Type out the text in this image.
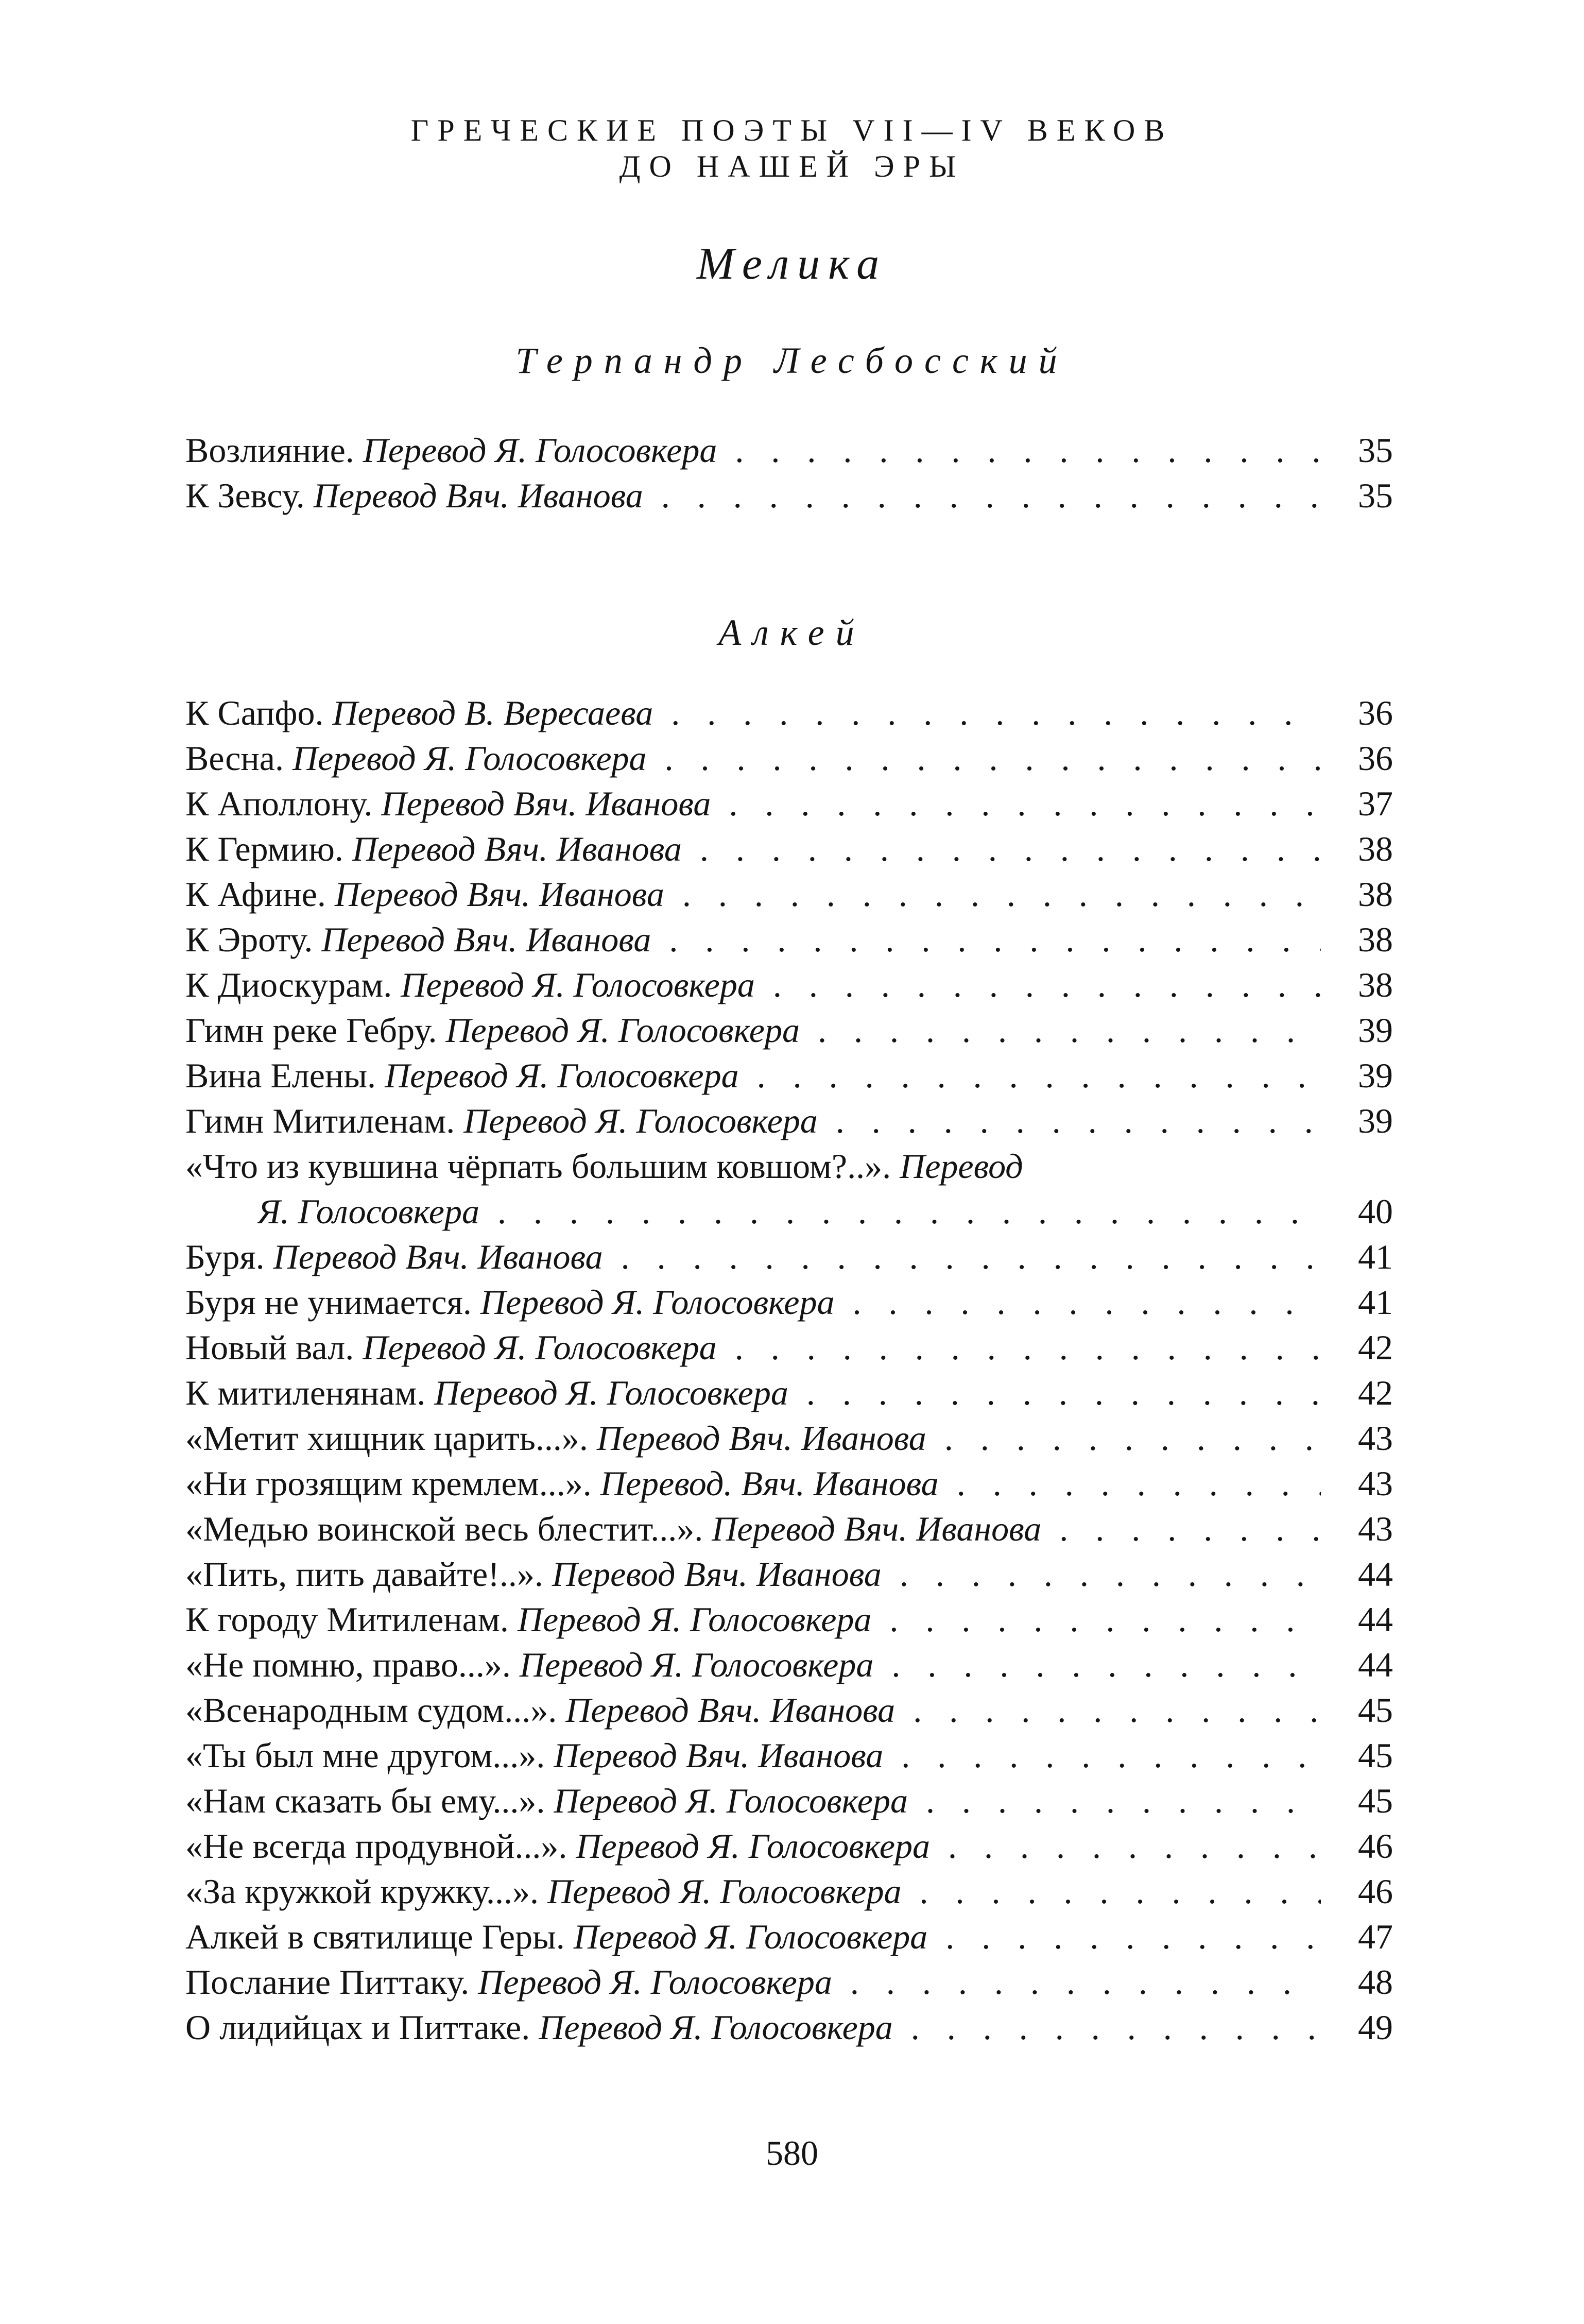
ГРЕЧЕСКИЕ ПОЭТЫ VII—IV ВЕКОВ
ДО НАШЕЙ ЭРЫ
Мелика
Терпандр Лесбосский
Возлияние. Перевод Я. Голосовкера . . .	35
К Зевсу. Перевод Вяч. Иванова . . .	35
Алкей
К Сапфо. Перевод В. Вересаева . . .	36
Весна. Перевод Я. Голосовкера . . .	36
К Аполлону. Перевод Вяч. Иванова . . .	37
К Гермию. Перевод Вяч. Иванова . . .	38
К Афине. Перевод Вяч. Иванова . . .	38
К Эроту. Перевод Вяч. Иванова . . .	38
К Диоскурам. Перевод Я. Голосовкера . . .	38
Гимн реке Гебру. Перевод Я. Голосовкера . . .	39
Вина Елены. Перевод Я. Голосовкера . . .	39
Гимн Митиленам. Перевод Я. Голосовкера . . .	39
«Что из кувшина чёрпать большим ковшом?..». Перевод
Я. Голосовкера . . .	40
Буря. Перевод Вяч. Иванова . . .	41
Буря не унимается. Перевод Я. Голосовкера . . .	41
Новый вал. Перевод Я. Голосовкера . . .	42
К митиленянам. Перевод Я. Голосовкера . . .	42
«Метит хищник царить...». Перевод Вяч. Иванова . . .	43
«Ни грозящим кремлем...». Перевод. Вяч. Иванова . . .	43
«Медью воинской весь блестит...». Перевод Вяч. Иванова . . .	43
«Пить, пить давайте!..». Перевод Вяч. Иванова . . .	44
К городу Митиленам. Перевод Я. Голосовкера . . .	44
«Не помню, право...». Перевод Я. Голосовкера . . .	44
«Всенародным судом...». Перевод Вяч. Иванова . . .	45
«Ты был мне другом...». Перевод Вяч. Иванова . . .	45
«Нам сказать бы ему...». Перевод Я. Голосовкера . . .	45
«Не всегда продувной...». Перевод Я. Голосовкера . . .	46
«За кружкой кружку...». Перевод Я. Голосовкера . . .	46
Алкей в святилище Геры. Перевод Я. Голосовкера . . .	47
Послание Питтаку. Перевод Я. Голосовкера . . .	48
О лидийцах и Питтаке. Перевод Я. Голосовкера . . .	49
580
